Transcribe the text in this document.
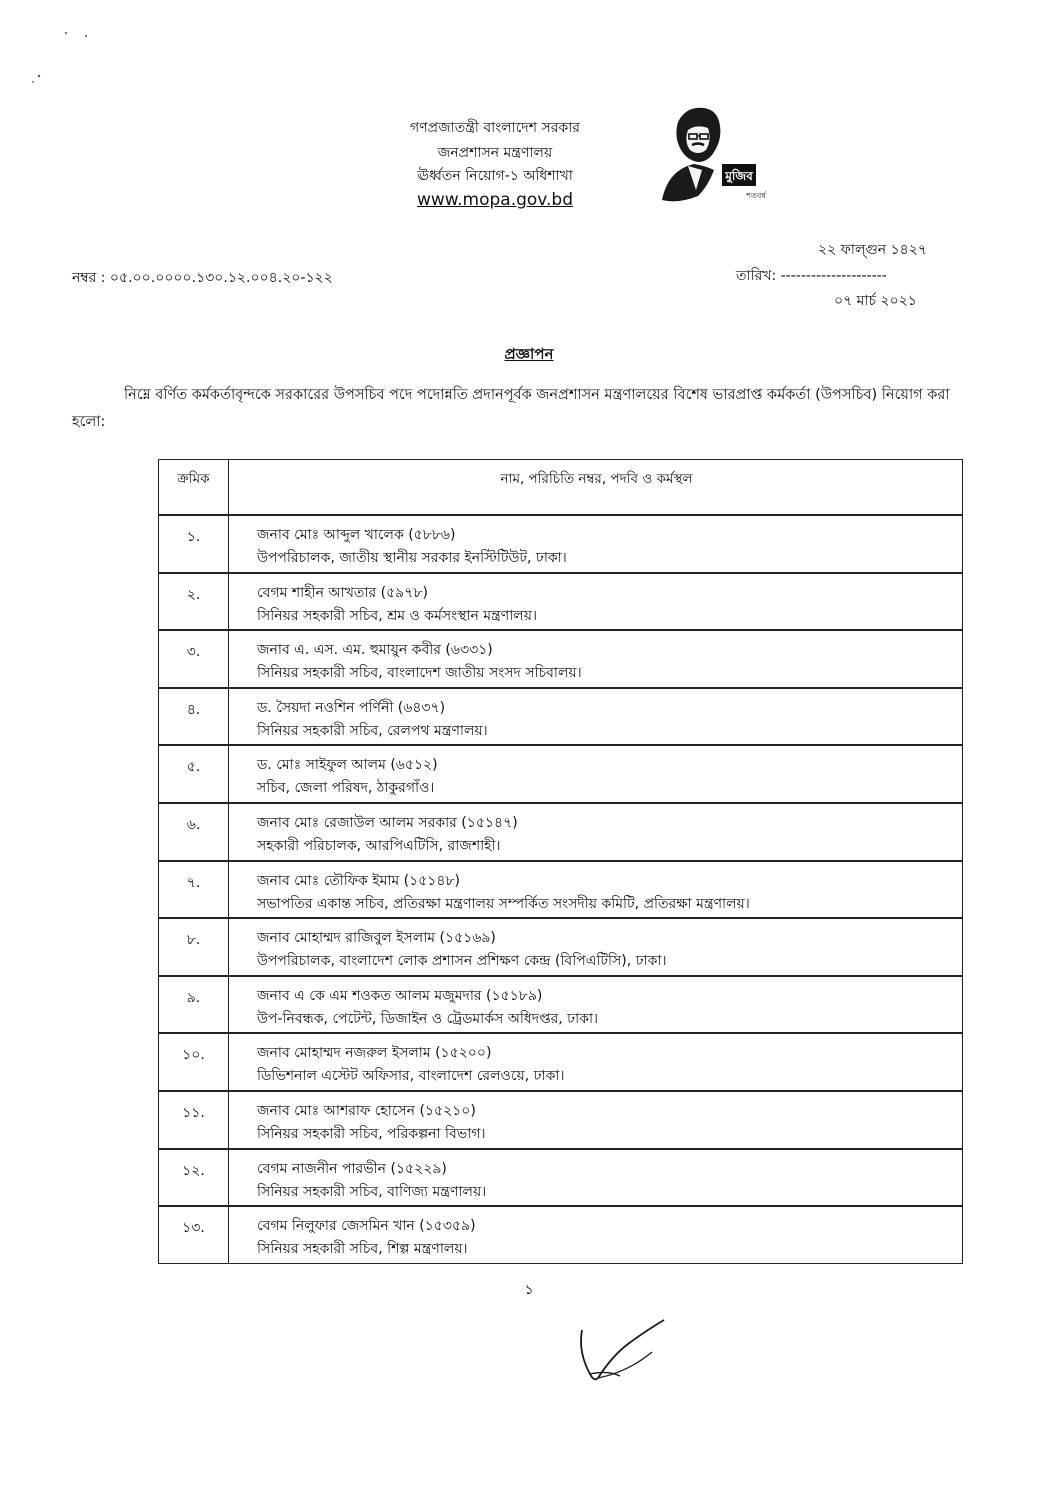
গণপ্রজাতন্ত্রী বাংলাদেশ সরকার
জনপ্রশাসন মন্ত্রণালয়
ঊর্ধ্বতন নিয়োগ-১ অধিশাখা
www.mopa.gov.bd
মুজিব
শতবর্ষ
২২ ফাল্গুন ১৪২৭
তারিখ: ---------------------
০৭ মার্চ ২০২১
নম্বর : ০৫.০০.০০০০.১৩০.১২.০০৪.২০-১২২
প্রজ্ঞাপন
নিম্নে বর্ণিত কর্মকর্তাবৃন্দকে সরকারের উপসচিব পদে পদোন্নতি প্রদানপূর্বক জনপ্রশাসন মন্ত্রণালয়ের বিশেষ ভারপ্রাপ্ত কর্মকর্তা (উপসচিব) নিয়োগ করা হলো:
ক্রমিক	নাম, পরিচিতি নম্বর, পদবি ও কর্মস্থল
১.	জনাব মোঃ আব্দুল খালেক (৫৮৮৬)
উপপরিচালক, জাতীয় স্থানীয় সরকার ইনস্টিটিউট, ঢাকা।
২.	বেগম শাহীন আখতার (৫৯৭৮)
সিনিয়র সহকারী সচিব, শ্রম ও কর্মসংস্থান মন্ত্রণালয়।
৩.	জনাব এ. এস. এম. হুমায়ুন কবীর (৬৩৩১)
সিনিয়র সহকারী সচিব, বাংলাদেশ জাতীয় সংসদ সচিবালয়।
৪.	ড. সৈয়দা নওশিন পর্ণিনী (৬৪৩৭)
সিনিয়র সহকারী সচিব, রেলপথ মন্ত্রণালয়।
৫.	ড. মোঃ সাইফুল আলম (৬৫১২)
সচিব, জেলা পরিষদ, ঠাকুরগাঁও।
৬.	জনাব মোঃ রেজাউল আলম সরকার (১৫১৪৭)
সহকারী পরিচালক, আরপিএটিসি, রাজশাহী।
৭.	জনাব মোঃ তৌফিক ইমাম (১৫১৪৮)
সভাপতির একান্ত সচিব, প্রতিরক্ষা মন্ত্রণালয় সম্পর্কিত সংসদীয় কমিটি, প্রতিরক্ষা মন্ত্রণালয়।
৮.	জনাব মোহাম্মদ রাজিবুল ইসলাম (১৫১৬৯)
উপপরিচালক, বাংলাদেশ লোক প্রশাসন প্রশিক্ষণ কেন্দ্র (বিপিএটিসি), ঢাকা।
৯.	জনাব এ কে এম শওকত আলম মজুমদার (১৫১৮৯)
উপ-নিবন্ধক, পেটেন্ট, ডিজাইন ও ট্রেডমার্কস অধিদপ্তর, ঢাকা।
১০.	জনাব মোহাম্মদ নজরুল ইসলাম (১৫২০০)
ডিভিশনাল এস্টেট অফিসার, বাংলাদেশ রেলওয়ে, ঢাকা।
১১.	জনাব মোঃ আশরাফ হোসেন (১৫২১০)
সিনিয়র সহকারী সচিব, পরিকল্পনা বিভাগ।
১২.	বেগম নাজনীন পারভীন (১৫২২৯)
সিনিয়র সহকারী সচিব, বাণিজ্য মন্ত্রণালয়।
১৩.	বেগম নিলুফার জেসমিন খান (১৫৩৫৯)
সিনিয়র সহকারী সচিব, শিল্প মন্ত্রণালয়।
১
